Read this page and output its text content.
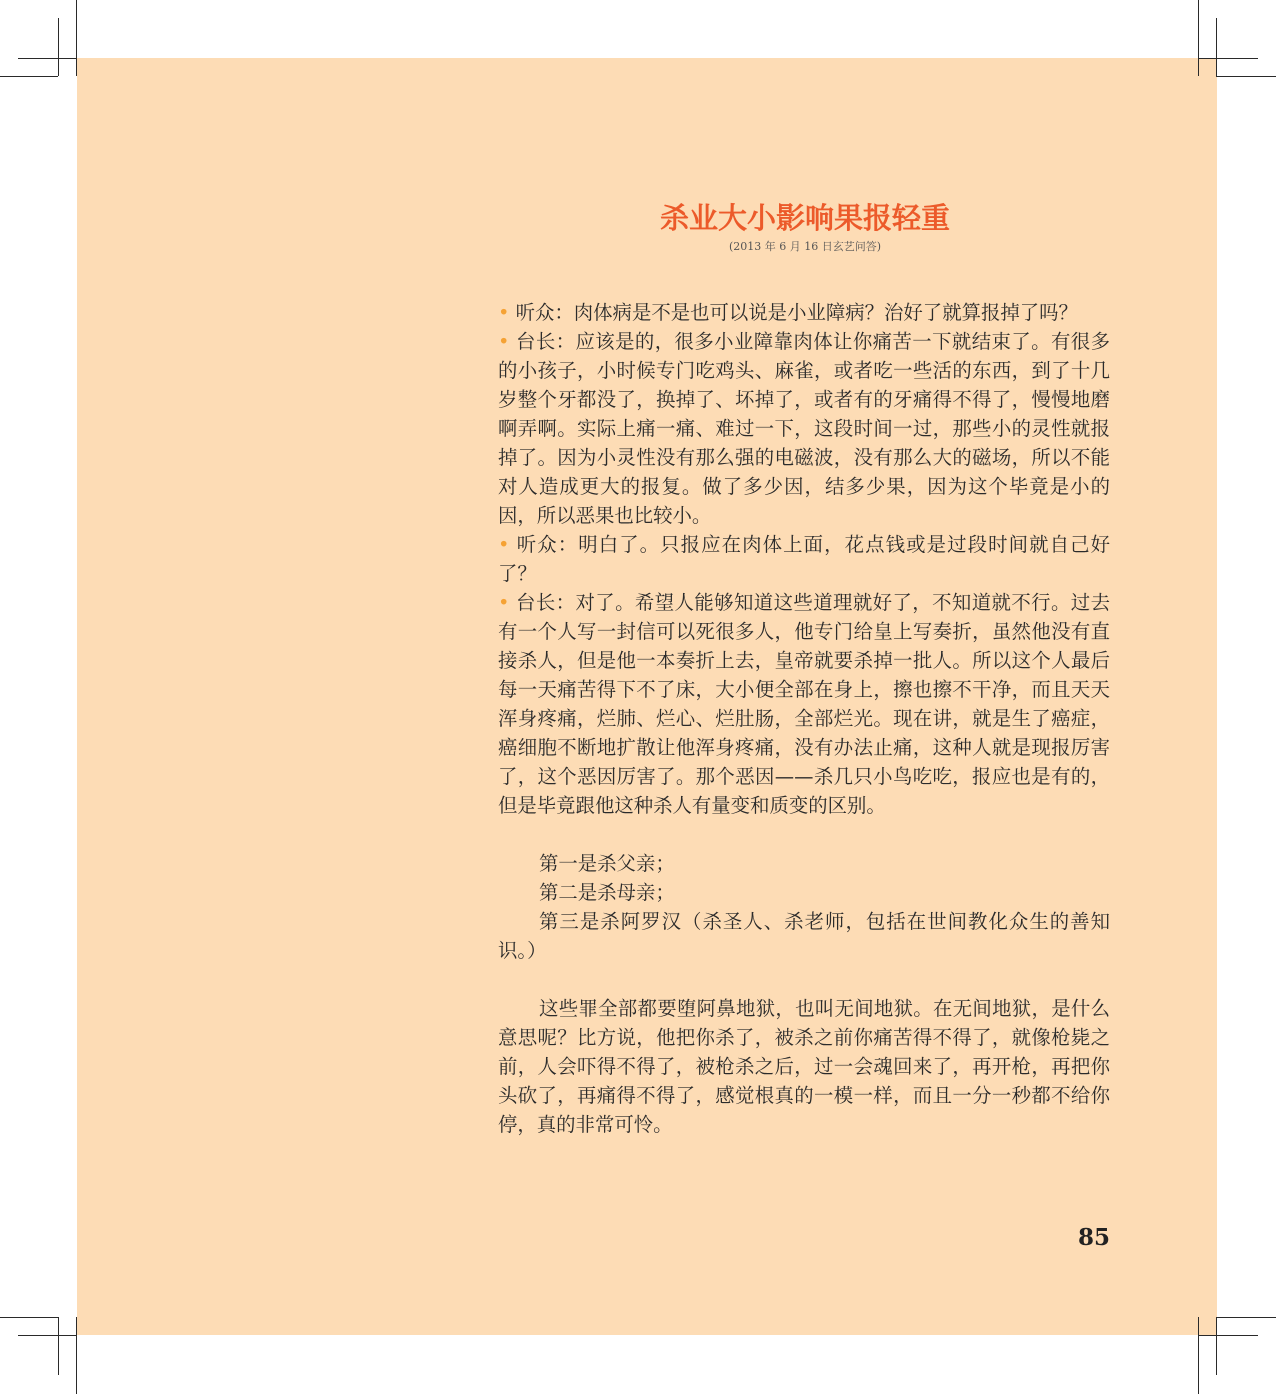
杀业大小影响果报轻重
(2013 年 6 月 16 日玄艺问答)

• 听众：肉体病是不是也可以说是小业障病？治好了就算报掉了吗？

• 台长：应该是的，很多小业障靠肉体让你痛苦一下就结束了。有很多的小孩子，小时候专门吃鸡头、麻雀，或者吃一些活的东西，到了十几岁整个牙都没了，换掉了、坏掉了，或者有的牙痛得不得了，慢慢地磨啊弄啊。实际上痛一痛、难过一下，这段时间一过，那些小的灵性就报掉了。因为小灵性没有那么强的电磁波，没有那么大的磁场，所以不能对人造成更大的报复。做了多少因，结多少果，因为这个毕竟是小的因，所以恶果也比较小。

• 听众：明白了。只报应在肉体上面，花点钱或是过段时间就自己好了？

• 台长：对了。希望人能够知道这些道理就好了，不知道就不行。过去有一个人写一封信可以死很多人，他专门给皇上写奏折，虽然他没有直接杀人，但是他一本奏折上去，皇帝就要杀掉一批人。所以这个人最后每一天痛苦得下不了床，大小便全部在身上，擦也擦不干净，而且天天浑身疼痛，烂肺、烂心、烂肚肠，全部烂光。现在讲，就是生了癌症，癌细胞不断地扩散让他浑身疼痛，没有办法止痛，这种人就是现报厉害了，这个恶因厉害了。那个恶因——杀几只小鸟吃吃，报应也是有的，但是毕竟跟他这种杀人有量变和质变的区别。

第一是杀父亲；

第二是杀母亲；

第三是杀阿罗汉（杀圣人、杀老师，包括在世间教化众生的善知识。）

这些罪全部都要堕阿鼻地狱，也叫无间地狱。在无间地狱，是什么意思呢？比方说，他把你杀了，被杀之前你痛苦得不得了，就像枪毙之前，人会吓得不得了，被枪杀之后，过一会魂回来了，再开枪，再把你头砍了，再痛得不得了，感觉根真的一模一样，而且一分一秒都不给你停，真的非常可怜。

85
